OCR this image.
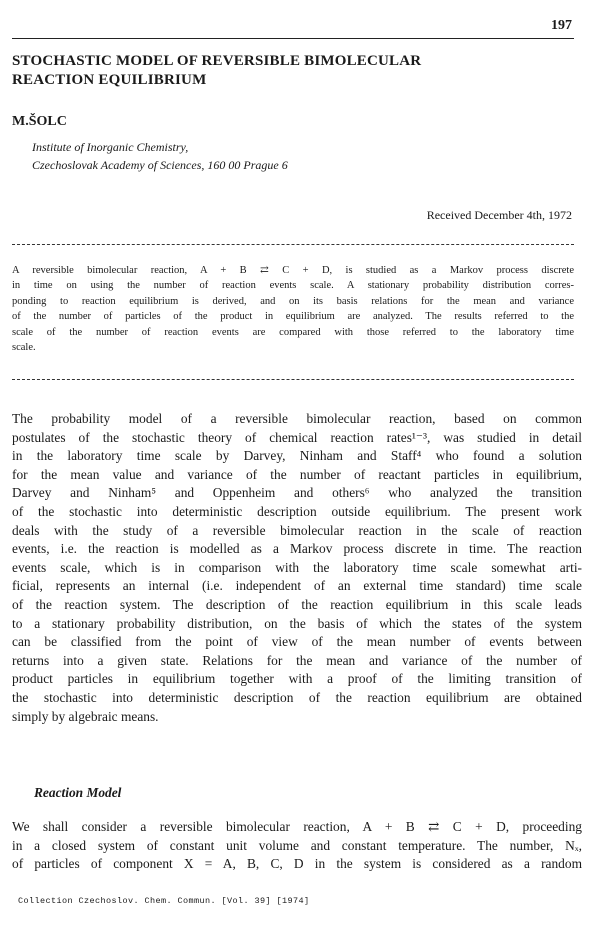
197
STOCHASTIC MODEL OF REVERSIBLE BIMOLECULAR
REACTION EQUILIBRIUM

M.ŠOLC

Institute of Inorganic Chemistry,
Czechoslovak Academy of Sciences, 160 00 Prague 6
Received December 4th, 1972

A reversible bimolecular reaction, A + B ⇄ C + D, is studied as a Markov process discrete
in time on using the number of reaction events scale. A stationary probability distribution corres-
ponding to reaction equilibrium is derived, and on its basis relations for the mean and variance
of the number of particles of the product in equilibrium are analyzed. The results referred to the
scale of the number of reaction events are compared with those referred to the laboratory time
scale.

The probability model of a reversible bimolecular reaction, based on common
postulates of the stochastic theory of chemical reaction rates¹⁻³, was studied in detail
in the laboratory time scale by Darvey, Ninham and Staff⁴ who found a solution
for the mean value and variance of the number of reactant particles in equilibrium,
Darvey and Ninham⁵ and Oppenheim and others⁶ who analyzed the transition
of the stochastic into deterministic description outside equilibrium. The present work
deals with the study of a reversible bimolecular reaction in the scale of reaction
events, i.e. the reaction is modelled as a Markov process discrete in time. The reaction
events scale, which is in comparison with the laboratory time scale somewhat arti-
ficial, represents an internal (i.e. independent of an external time standard) time scale
of the reaction system. The description of the reaction equilibrium in this scale leads
to a stationary probability distribution, on the basis of which the states of the system
can be classified from the point of view of the mean number of events between
returns into a given state. Relations for the mean and variance of the number of
product particles in equilibrium together with a proof of the limiting transition of
the stochastic into deterministic description of the reaction equilibrium are obtained
simply by algebraic means.

Reaction Model

We shall consider a reversible bimolecular reaction, A + B ⇄ C + D, proceeding
in a closed system of constant unit volume and constant temperature. The number, Nₓ,
of particles of component X = A, B, C, D in the system is considered as a random

Collection Czechoslov. Chem. Commun. [Vol. 39] [1974]
